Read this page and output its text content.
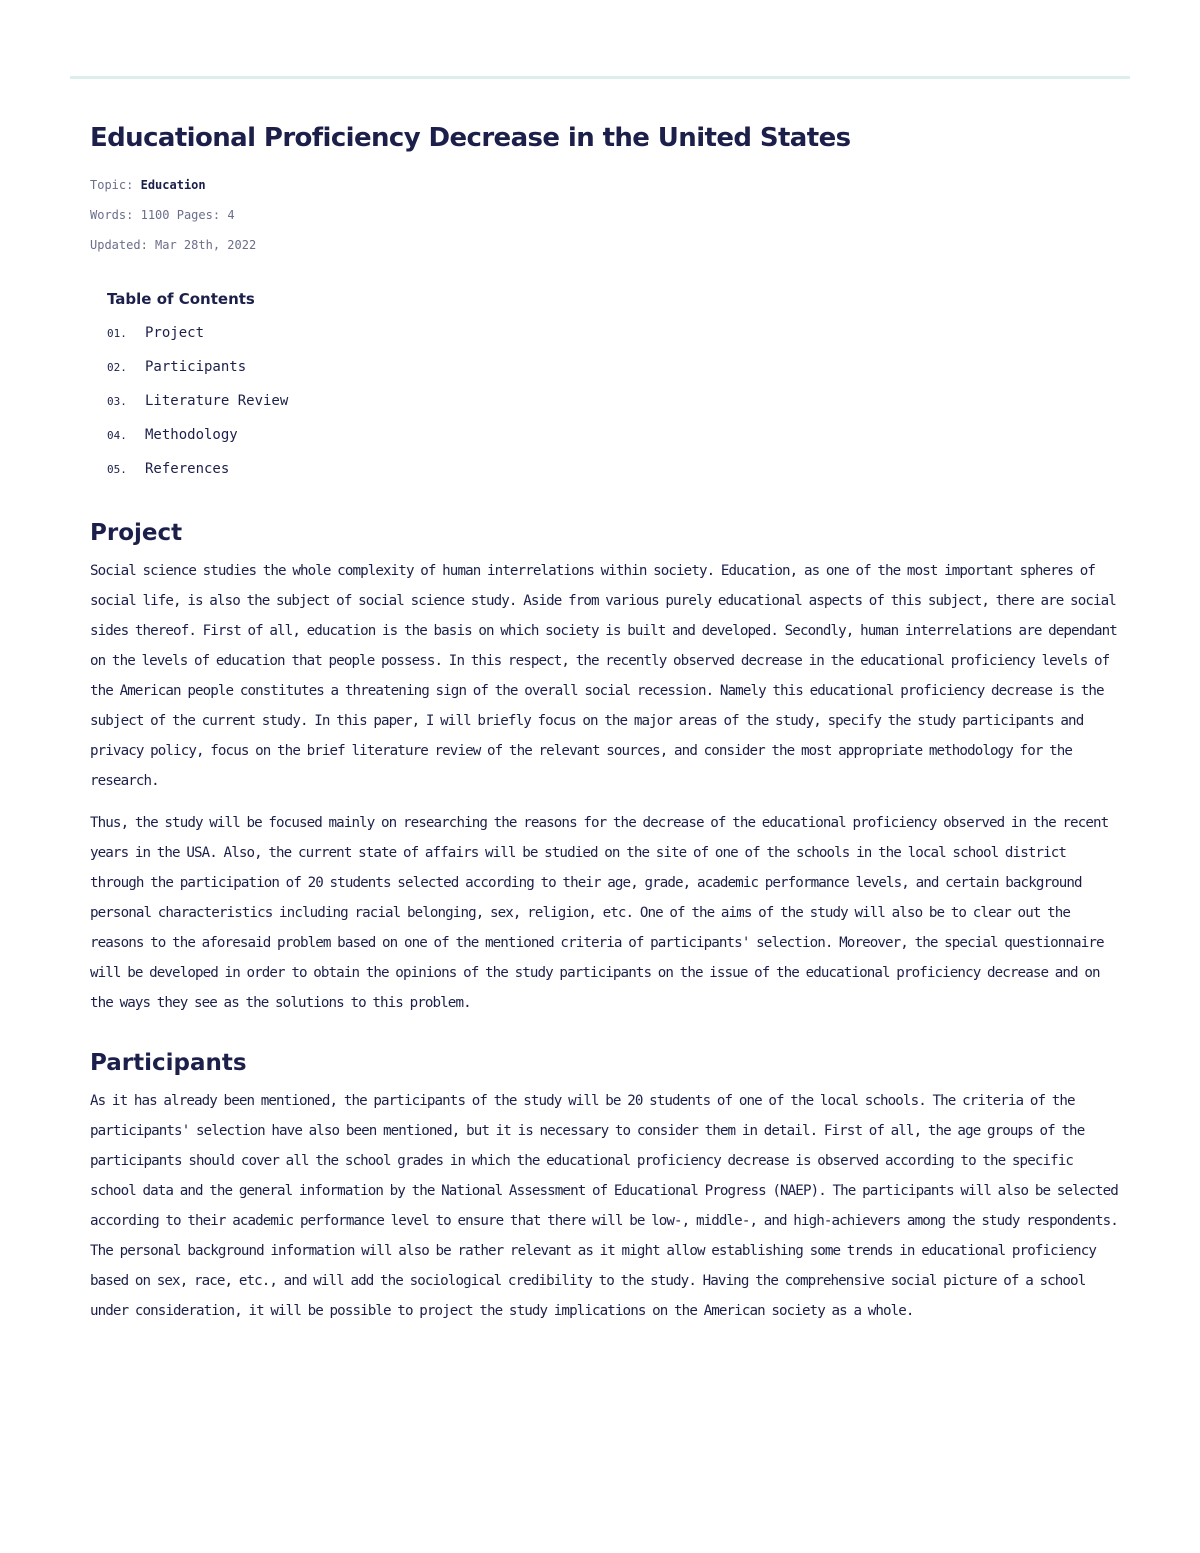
Educational Proficiency Decrease in the United States
Topic: Education
Words: 1100 Pages: 4
Updated: Mar 28th, 2022
Table of Contents
01.	Project
02.	Participants
03.	Literature Review
04.	Methodology
05.	References
Project

Social science studies the whole complexity of human interrelations within society. Education, as one of the most important spheres of social life, is also the subject of social science study. Aside from various purely educational aspects of this subject, there are social sides thereof. First of all, education is the basis on which society is built and developed. Secondly, human interrelations are dependant on the levels of education that people possess. In this respect, the recently observed decrease in the educational proficiency levels of the American people constitutes a threatening sign of the overall social recession. Namely this educational proficiency decrease is the subject of the current study. In this paper, I will briefly focus on the major areas of the study, specify the study participants and privacy policy, focus on the brief literature review of the relevant sources, and consider the most appropriate methodology for the research.

Thus, the study will be focused mainly on researching the reasons for the decrease of the educational proficiency observed in the recent years in the USA. Also, the current state of affairs will be studied on the site of one of the schools in the local school district through the participation of 20 students selected according to their age, grade, academic performance levels, and certain background personal characteristics including racial belonging, sex, religion, etc. One of the aims of the study will also be to clear out the reasons to the aforesaid problem based on one of the mentioned criteria of participants' selection. Moreover, the special questionnaire will be developed in order to obtain the opinions of the study participants on the issue of the educational proficiency decrease and on the ways they see as the solutions to this problem.

Participants

As it has already been mentioned, the participants of the study will be 20 students of one of the local schools. The criteria of the participants' selection have also been mentioned, but it is necessary to consider them in detail. First of all, the age groups of the participants should cover all the school grades in which the educational proficiency decrease is observed according to the specific school data and the general information by the National Assessment of Educational Progress (NAEP). The participants will also be selected according to their academic performance level to ensure that there will be low-, middle-, and high-achievers among the study respondents. The personal background information will also be rather relevant as it might allow establishing some trends in educational proficiency based on sex, race, etc., and will add the sociological credibility to the study. Having the comprehensive social picture of a school under consideration, it will be possible to project the study implications on the American society as a whole.
